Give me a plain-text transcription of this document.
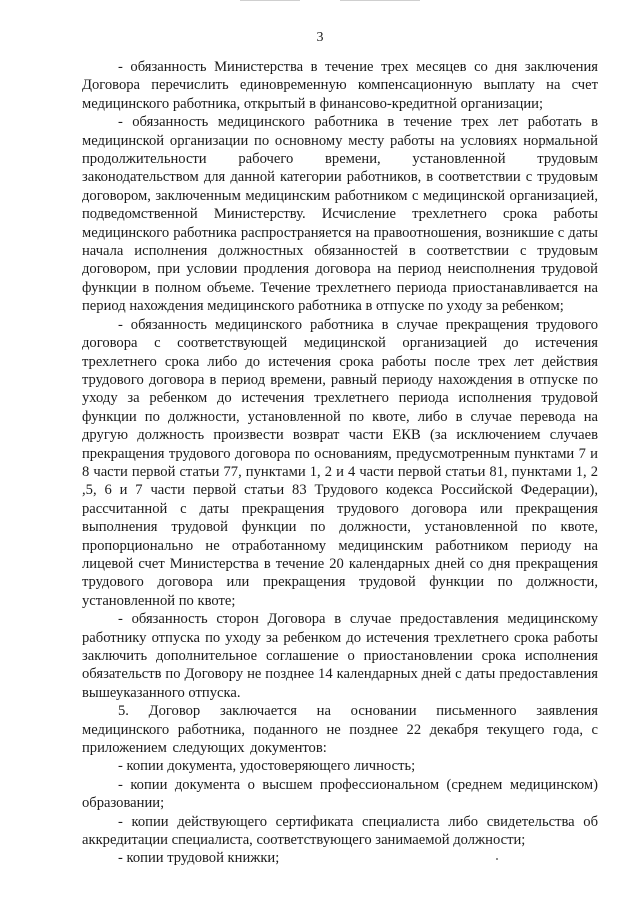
3

- обязанность Министерства в течение трех месяцев со дня заключения Договора перечислить единовременную компенсационную выплату на счет медицинского работника, открытый в финансово-кредитной организации;

- обязанность медицинского работника в течение трех лет работать в медицинской организации по основному месту работы на условиях нормальной продолжительности рабочего времени, установленной трудовым законодательством для данной категории работников, в соответствии с трудовым договором, заключенным медицинским работником с медицинской организацией, подведомственной Министерству. Исчисление трехлетнего срока работы медицинского работника распространяется на правоотношения, возникшие с даты начала исполнения должностных обязанностей в соответствии с трудовым договором, при условии продления договора на период неисполнения трудовой функции в полном объеме. Течение трехлетнего периода приостанавливается на период нахождения медицинского работника в отпуске по уходу за ребенком;

- обязанность медицинского работника в случае прекращения трудового договора с соответствующей медицинской организацией до истечения трехлетнего срока либо до истечения срока работы после трех лет действия трудового договора в период времени, равный периоду нахождения в отпуске по уходу за ребенком до истечения трехлетнего периода исполнения трудовой функции по должности, установленной по квоте, либо в случае перевода на другую должность произвести возврат части ЕКВ (за исключением случаев прекращения трудового договора по основаниям, предусмотренным пунктами 7 и 8 части первой статьи 77, пунктами 1, 2 и 4 части первой статьи 81, пунктами 1, 2 ,5, 6 и 7 части первой статьи 83 Трудового кодекса Российской Федерации), рассчитанной с даты прекращения трудового договора или прекращения выполнения трудовой функции по должности, установленной по квоте, пропорционально не отработанному медицинским работником периоду на лицевой счет Министерства в течение 20 календарных дней со дня прекращения трудового договора или прекращения трудовой функции по должности, установленной по квоте;

- обязанность сторон Договора в случае предоставления медицинскому работнику отпуска по уходу за ребенком до истечения трехлетнего срока работы заключить дополнительное соглашение о приостановлении срока исполнения обязательств по Договору не позднее 14 календарных дней с даты предоставления вышеуказанного отпуска.

5. Договор заключается на основании письменного заявления медицинского работника, поданного не позднее 22 декабря текущего года, с приложением следующих документов:

- копии документа, удостоверяющего личность;

- копии документа о высшем профессиональном (среднем медицинском) образовании;

- копии действующего сертификата специалиста либо свидетельства об аккредитации специалиста, соответствующего занимаемой должности;

- копии трудовой книжки;
